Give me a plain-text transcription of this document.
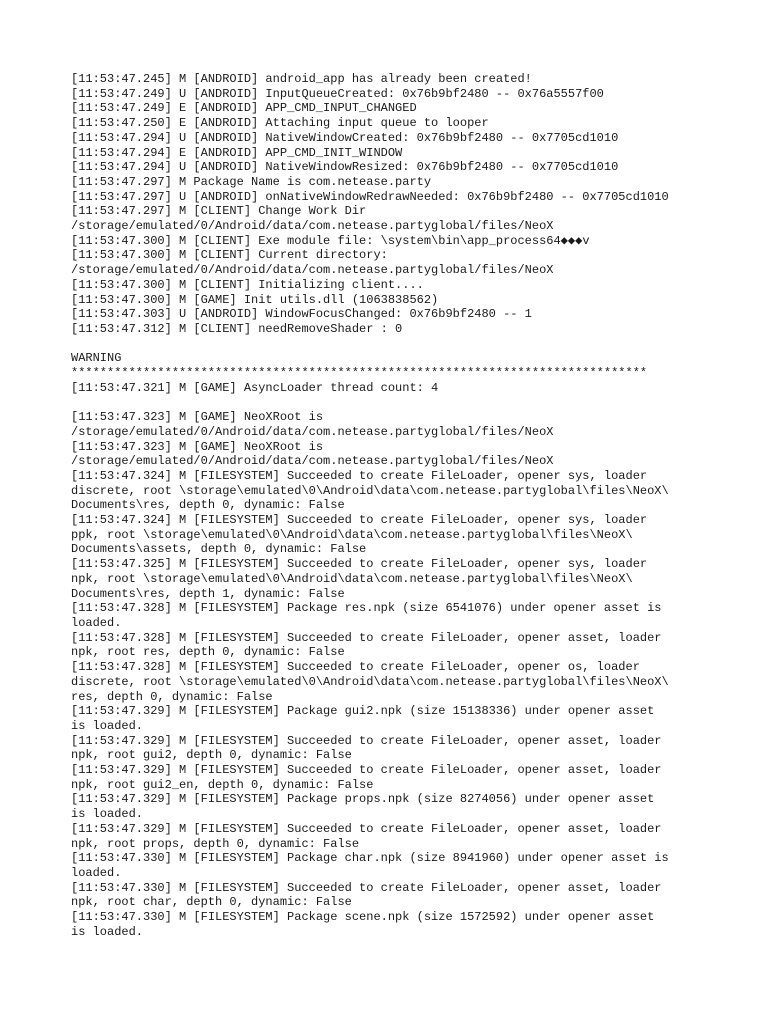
[11:53:47.245] M [ANDROID] android_app has already been created!
[11:53:47.249] U [ANDROID] InputQueueCreated: 0x76b9bf2480 -- 0x76a5557f00
[11:53:47.249] E [ANDROID] APP_CMD_INPUT_CHANGED
[11:53:47.250] E [ANDROID] Attaching input queue to looper
[11:53:47.294] U [ANDROID] NativeWindowCreated: 0x76b9bf2480 -- 0x7705cd1010
[11:53:47.294] E [ANDROID] APP_CMD_INIT_WINDOW
[11:53:47.294] U [ANDROID] NativeWindowResized: 0x76b9bf2480 -- 0x7705cd1010
[11:53:47.297] M Package Name is com.netease.party
[11:53:47.297] U [ANDROID] onNativeWindowRedrawNeeded: 0x76b9bf2480 -- 0x7705cd1010
[11:53:47.297] M [CLIENT] Change Work Dir
/storage/emulated/0/Android/data/com.netease.partyglobal/files/NeoX
[11:53:47.300] M [CLIENT] Exe module file: \system\bin\app_process64◆◆◆v
[11:53:47.300] M [CLIENT] Current directory:
/storage/emulated/0/Android/data/com.netease.partyglobal/files/NeoX
[11:53:47.300] M [CLIENT] Initializing client....
[11:53:47.300] M [GAME] Init utils.dll (1063838562)
[11:53:47.303] U [ANDROID] WindowFocusChanged: 0x76b9bf2480 -- 1
[11:53:47.312] M [CLIENT] needRemoveShader : 0
WARNING
********************************************************************************
[11:53:47.321] M [GAME] AsyncLoader thread count: 4
[11:53:47.323] M [GAME] NeoXRoot is
/storage/emulated/0/Android/data/com.netease.partyglobal/files/NeoX
[11:53:47.323] M [GAME] NeoXRoot is
/storage/emulated/0/Android/data/com.netease.partyglobal/files/NeoX
[11:53:47.324] M [FILESYSTEM] Succeeded to create FileLoader, opener sys, loader
discrete, root \storage\emulated\0\Android\data\com.netease.partyglobal\files\NeoX\
Documents\res, depth 0, dynamic: False
[11:53:47.324] M [FILESYSTEM] Succeeded to create FileLoader, opener sys, loader
ppk, root \storage\emulated\0\Android\data\com.netease.partyglobal\files\NeoX\
Documents\assets, depth 0, dynamic: False
[11:53:47.325] M [FILESYSTEM] Succeeded to create FileLoader, opener sys, loader
npk, root \storage\emulated\0\Android\data\com.netease.partyglobal\files\NeoX\
Documents\res, depth 1, dynamic: False
[11:53:47.328] M [FILESYSTEM] Package res.npk (size 6541076) under opener asset is
loaded.
[11:53:47.328] M [FILESYSTEM] Succeeded to create FileLoader, opener asset, loader
npk, root res, depth 0, dynamic: False
[11:53:47.328] M [FILESYSTEM] Succeeded to create FileLoader, opener os, loader
discrete, root \storage\emulated\0\Android\data\com.netease.partyglobal\files\NeoX\
res, depth 0, dynamic: False
[11:53:47.329] M [FILESYSTEM] Package gui2.npk (size 15138336) under opener asset
is loaded.
[11:53:47.329] M [FILESYSTEM] Succeeded to create FileLoader, opener asset, loader
npk, root gui2, depth 0, dynamic: False
[11:53:47.329] M [FILESYSTEM] Succeeded to create FileLoader, opener asset, loader
npk, root gui2_en, depth 0, dynamic: False
[11:53:47.329] M [FILESYSTEM] Package props.npk (size 8274056) under opener asset
is loaded.
[11:53:47.329] M [FILESYSTEM] Succeeded to create FileLoader, opener asset, loader
npk, root props, depth 0, dynamic: False
[11:53:47.330] M [FILESYSTEM] Package char.npk (size 8941960) under opener asset is
loaded.
[11:53:47.330] M [FILESYSTEM] Succeeded to create FileLoader, opener asset, loader
npk, root char, depth 0, dynamic: False
[11:53:47.330] M [FILESYSTEM] Package scene.npk (size 1572592) under opener asset
is loaded.
